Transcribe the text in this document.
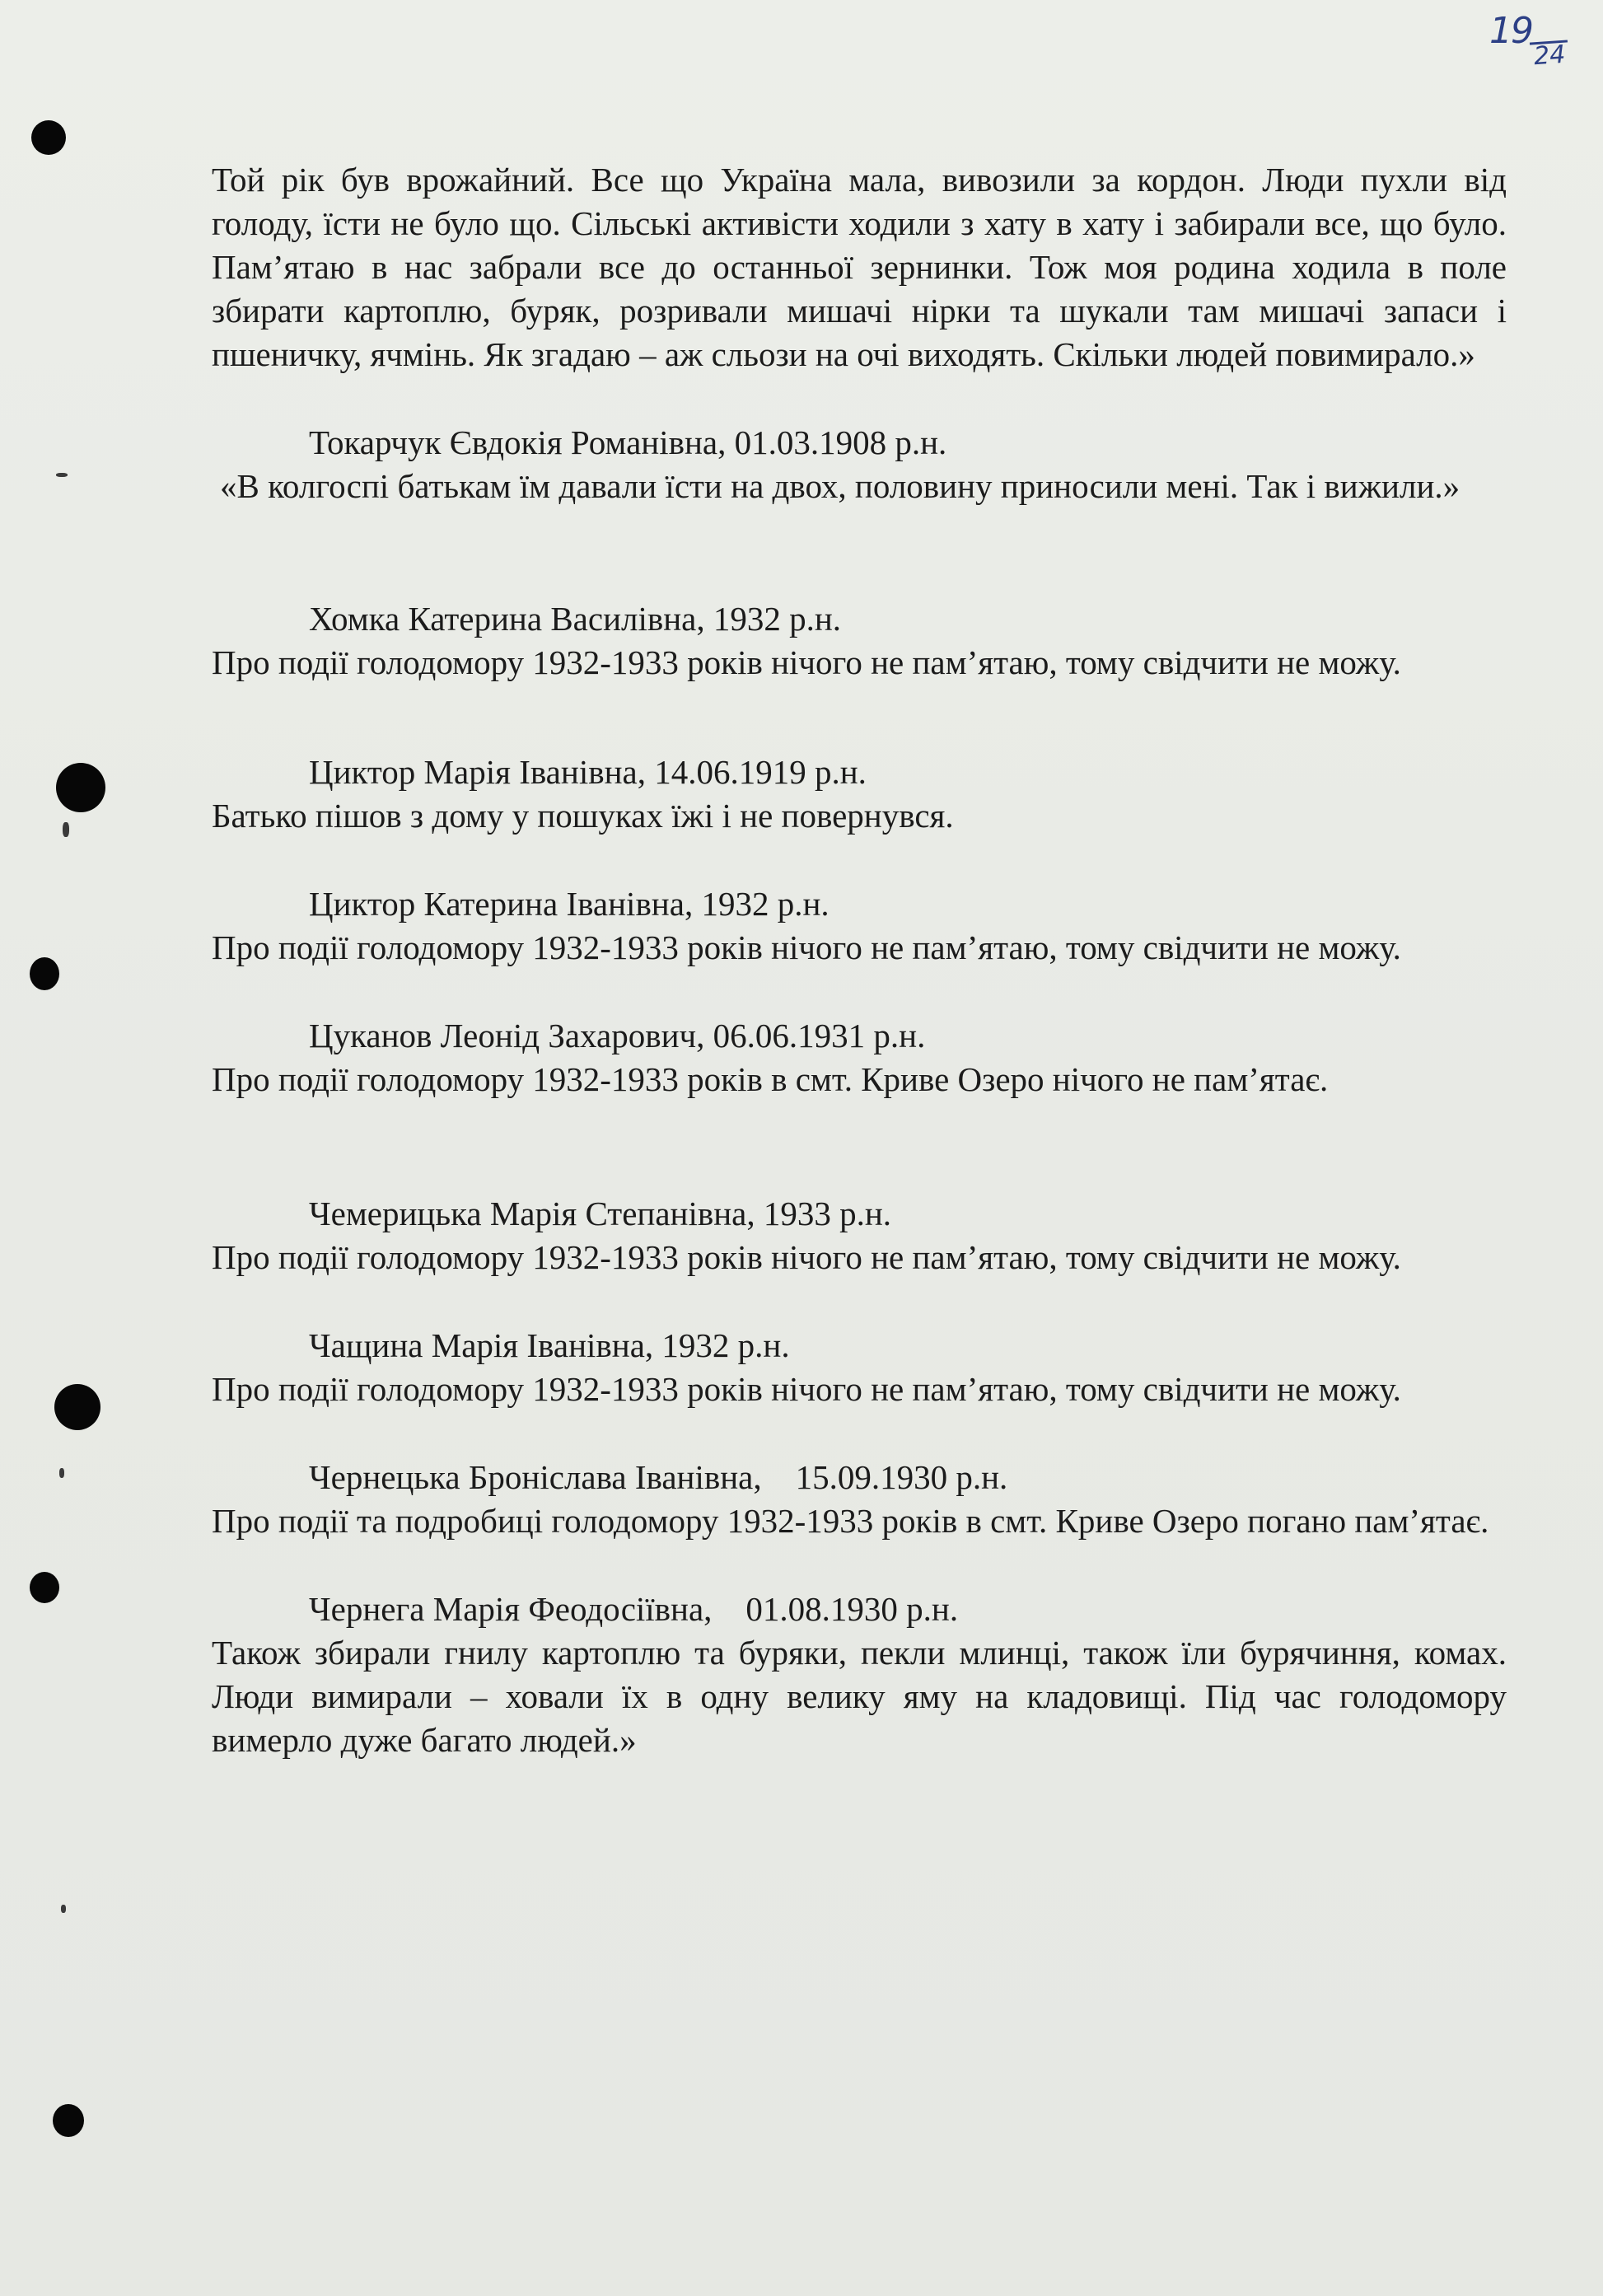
19
24

Той рік був врожайний. Все що Україна мала, вивозили за кордон. Люди пухли від голоду, їсти не було що. Сільські активісти ходили з хату в хату і забирали все, що було. Пам’ятаю в нас забрали все до останньої зернинки. Тож моя родина ходила в поле збирати картоплю, буряк, розривали мишачі нірки та шукали там мишачі запаси і пшеничку, ячмінь. Як згадаю – аж сльози на очі виходять. Скільки людей повимирало.»

Токарчук Євдокія Романівна, 01.03.1908 р.н.

«В колгоспі батькам їм давали їсти на двох, половину приносили мені. Так і вижили.»

Хомка Катерина Василівна, 1932 р.н.

Про події голодомору 1932-1933 років нічого не пам’ятаю, тому свідчити не можу.

Циктор Марія Іванівна, 14.06.1919 р.н.

Батько пішов з дому у пошуках їжі і не повернувся.

Циктор Катерина Іванівна, 1932 р.н.

Про події голодомору 1932-1933 років нічого не пам’ятаю, тому свідчити не можу.

Цуканов Леонід Захарович, 06.06.1931 р.н.

Про події голодомору 1932-1933 років в смт. Криве Озеро нічого не пам’ятає.

Чемерицька Марія Степанівна, 1933 р.н.

Про події голодомору 1932-1933 років нічого не пам’ятаю, тому свідчити не можу.

Чащина Марія Іванівна, 1932 р.н.

Про події голодомору 1932-1933 років нічого не пам’ятаю, тому свідчити не можу.

Чернецька Броніслава Іванівна,    15.09.1930 р.н.

Про події та подробиці голодомору 1932-1933 років в смт. Криве Озеро погано пам’ятає.

Чернега Марія Феодосіївна,    01.08.1930 р.н.

Також збирали гнилу картоплю та буряки, пекли млинці, також їли бурячиння, комах. Люди вимирали – ховали їх в одну велику яму на кладовищі. Під час голодомору вимерло дуже багато людей.»
